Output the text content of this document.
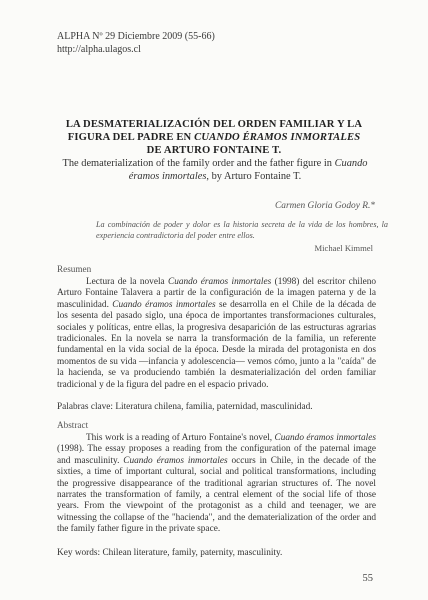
ALPHA Nº 29 Diciembre 2009 (55-66)
http://alpha.ulagos.cl
LA DESMATERIALIZACIÓN DEL ORDEN FAMILIAR Y LA
FIGURA DEL PADRE EN CUANDO ÉRAMOS INMORTALES
DE ARTURO FONTAINE T.
The dematerialization of the family order and the father figure in Cuando
éramos inmortales, by Arturo Fontaine T.
Carmen Gloria Godoy R.*
La combinación de poder y dolor es la historia secreta de la vida de los hombres, la experiencia contradictoria del poder entre ellos.
Michael Kimmel
Resumen
Lectura de la novela Cuando éramos inmortales (1998) del escritor chileno Arturo Fontaine Talavera a partir de la configuración de la imagen paterna y de la masculinidad. Cuando éramos inmortales se desarrolla en el Chile de la década de los sesenta del pasado siglo, una época de importantes transformaciones culturales, sociales y políticas, entre ellas, la progresiva desaparición de las estructuras agrarias tradicionales. En la novela se narra la transformación de la familia, un referente fundamental en la vida social de la época. Desde la mirada del protagonista en dos momentos de su vida —infancia y adolescencia— vemos cómo, junto a la "caída" de la hacienda, se va produciendo también la desmaterialización del orden familiar tradicional y de la figura del padre en el espacio privado.
Palabras clave: Literatura chilena, familia, paternidad, masculinidad.
Abstract
This work is a reading of Arturo Fontaine's novel, Cuando éramos inmortales (1998). The essay proposes a reading from the configuration of the paternal image and masculinity. Cuando éramos inmortales occurs in Chile, in the decade of the sixties, a time of important cultural, social and political transformations, including the progressive disappearance of the traditional agrarian structures of. The novel narrates the transformation of family, a central element of the social life of those years. From the viewpoint of the protagonist as a child and teenager, we are witnessing the collapse of the "hacienda", and the dematerialization of the order and the family father figure in the private space.
Key words: Chilean literature, family, paternity, masculinity.
55
